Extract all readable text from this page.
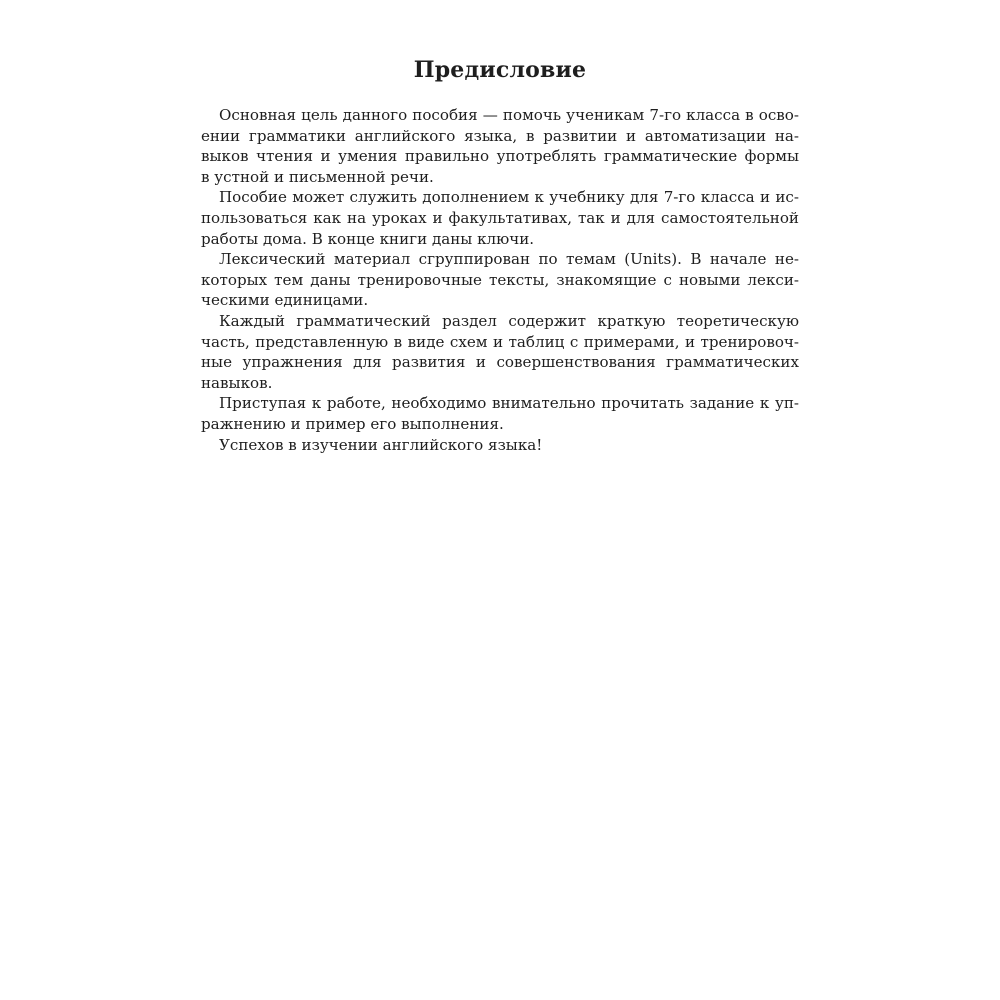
Предисловие
Основная цель данного пособия — помочь ученикам 7-го класса в осво-
ении грамматики английского языка, в развитии и автоматизации на-
выков чтения и умения правильно употреблять грамматические формы
в устной и письменной речи.
Пособие может служить дополнением к учебнику для 7-го класса и ис-
пользоваться как на уроках и факультативах, так и для самостоятельной
работы дома. В конце книги даны ключи.
Лексический материал сгруппирован по темам (Units). В начале не-
которых тем даны тренировочные тексты, знакомящие с новыми лекси-
ческими единицами.
Каждый грамматический раздел содержит краткую теоретическую
часть, представленную в виде схем и таблиц с примерами, и тренировоч-
ные упражнения для развития и совершенствования грамматических
навыков.
Приступая к работе, необходимо внимательно прочитать задание к уп-
ражнению и пример его выполнения.
Успехов в изучении английского языка!
